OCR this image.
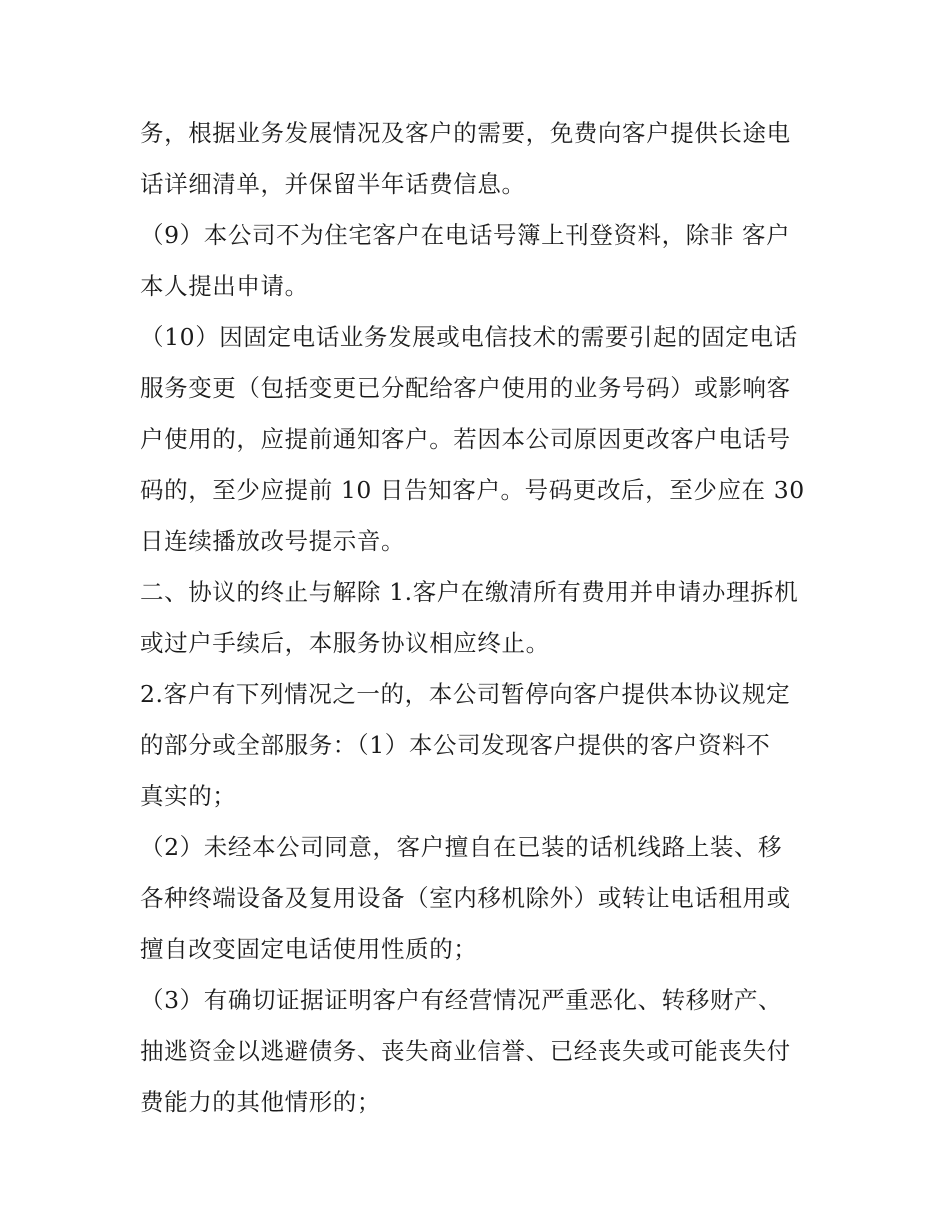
务，根据业务发展情况及客户的需要，免费向客户提供长途电
话详细清单，并保留半年话费信息。
（9）本公司不为住宅客户在电话号簿上刊登资料，除非 客户
本人提出申请。
（10）因固定电话业务发展或电信技术的需要引起的固定电话
服务变更（包括变更已分配给客户使用的业务号码）或影响客
户使用的，应提前通知客户。若因本公司原因更改客户电话号
码的，至少应提前 10 日告知客户。号码更改后，至少应在 30
日连续播放改号提示音。
二、协议的终止与解除 1.客户在缴清所有费用并申请办理拆机
或过户手续后，本服务协议相应终止。
2.客户有下列情况之一的，本公司暂停向客户提供本协议规定
的部分或全部服务：（1）本公司发现客户提供的客户资料不
真实的；
（2）未经本公司同意，客户擅自在已装的话机线路上装、移
各种终端设备及复用设备（室内移机除外）或转让电话租用或
擅自改变固定电话使用性质的；
（3）有确切证据证明客户有经营情况严重恶化、转移财产、
抽逃资金以逃避债务、丧失商业信誉、已经丧失或可能丧失付
费能力的其他情形的；
